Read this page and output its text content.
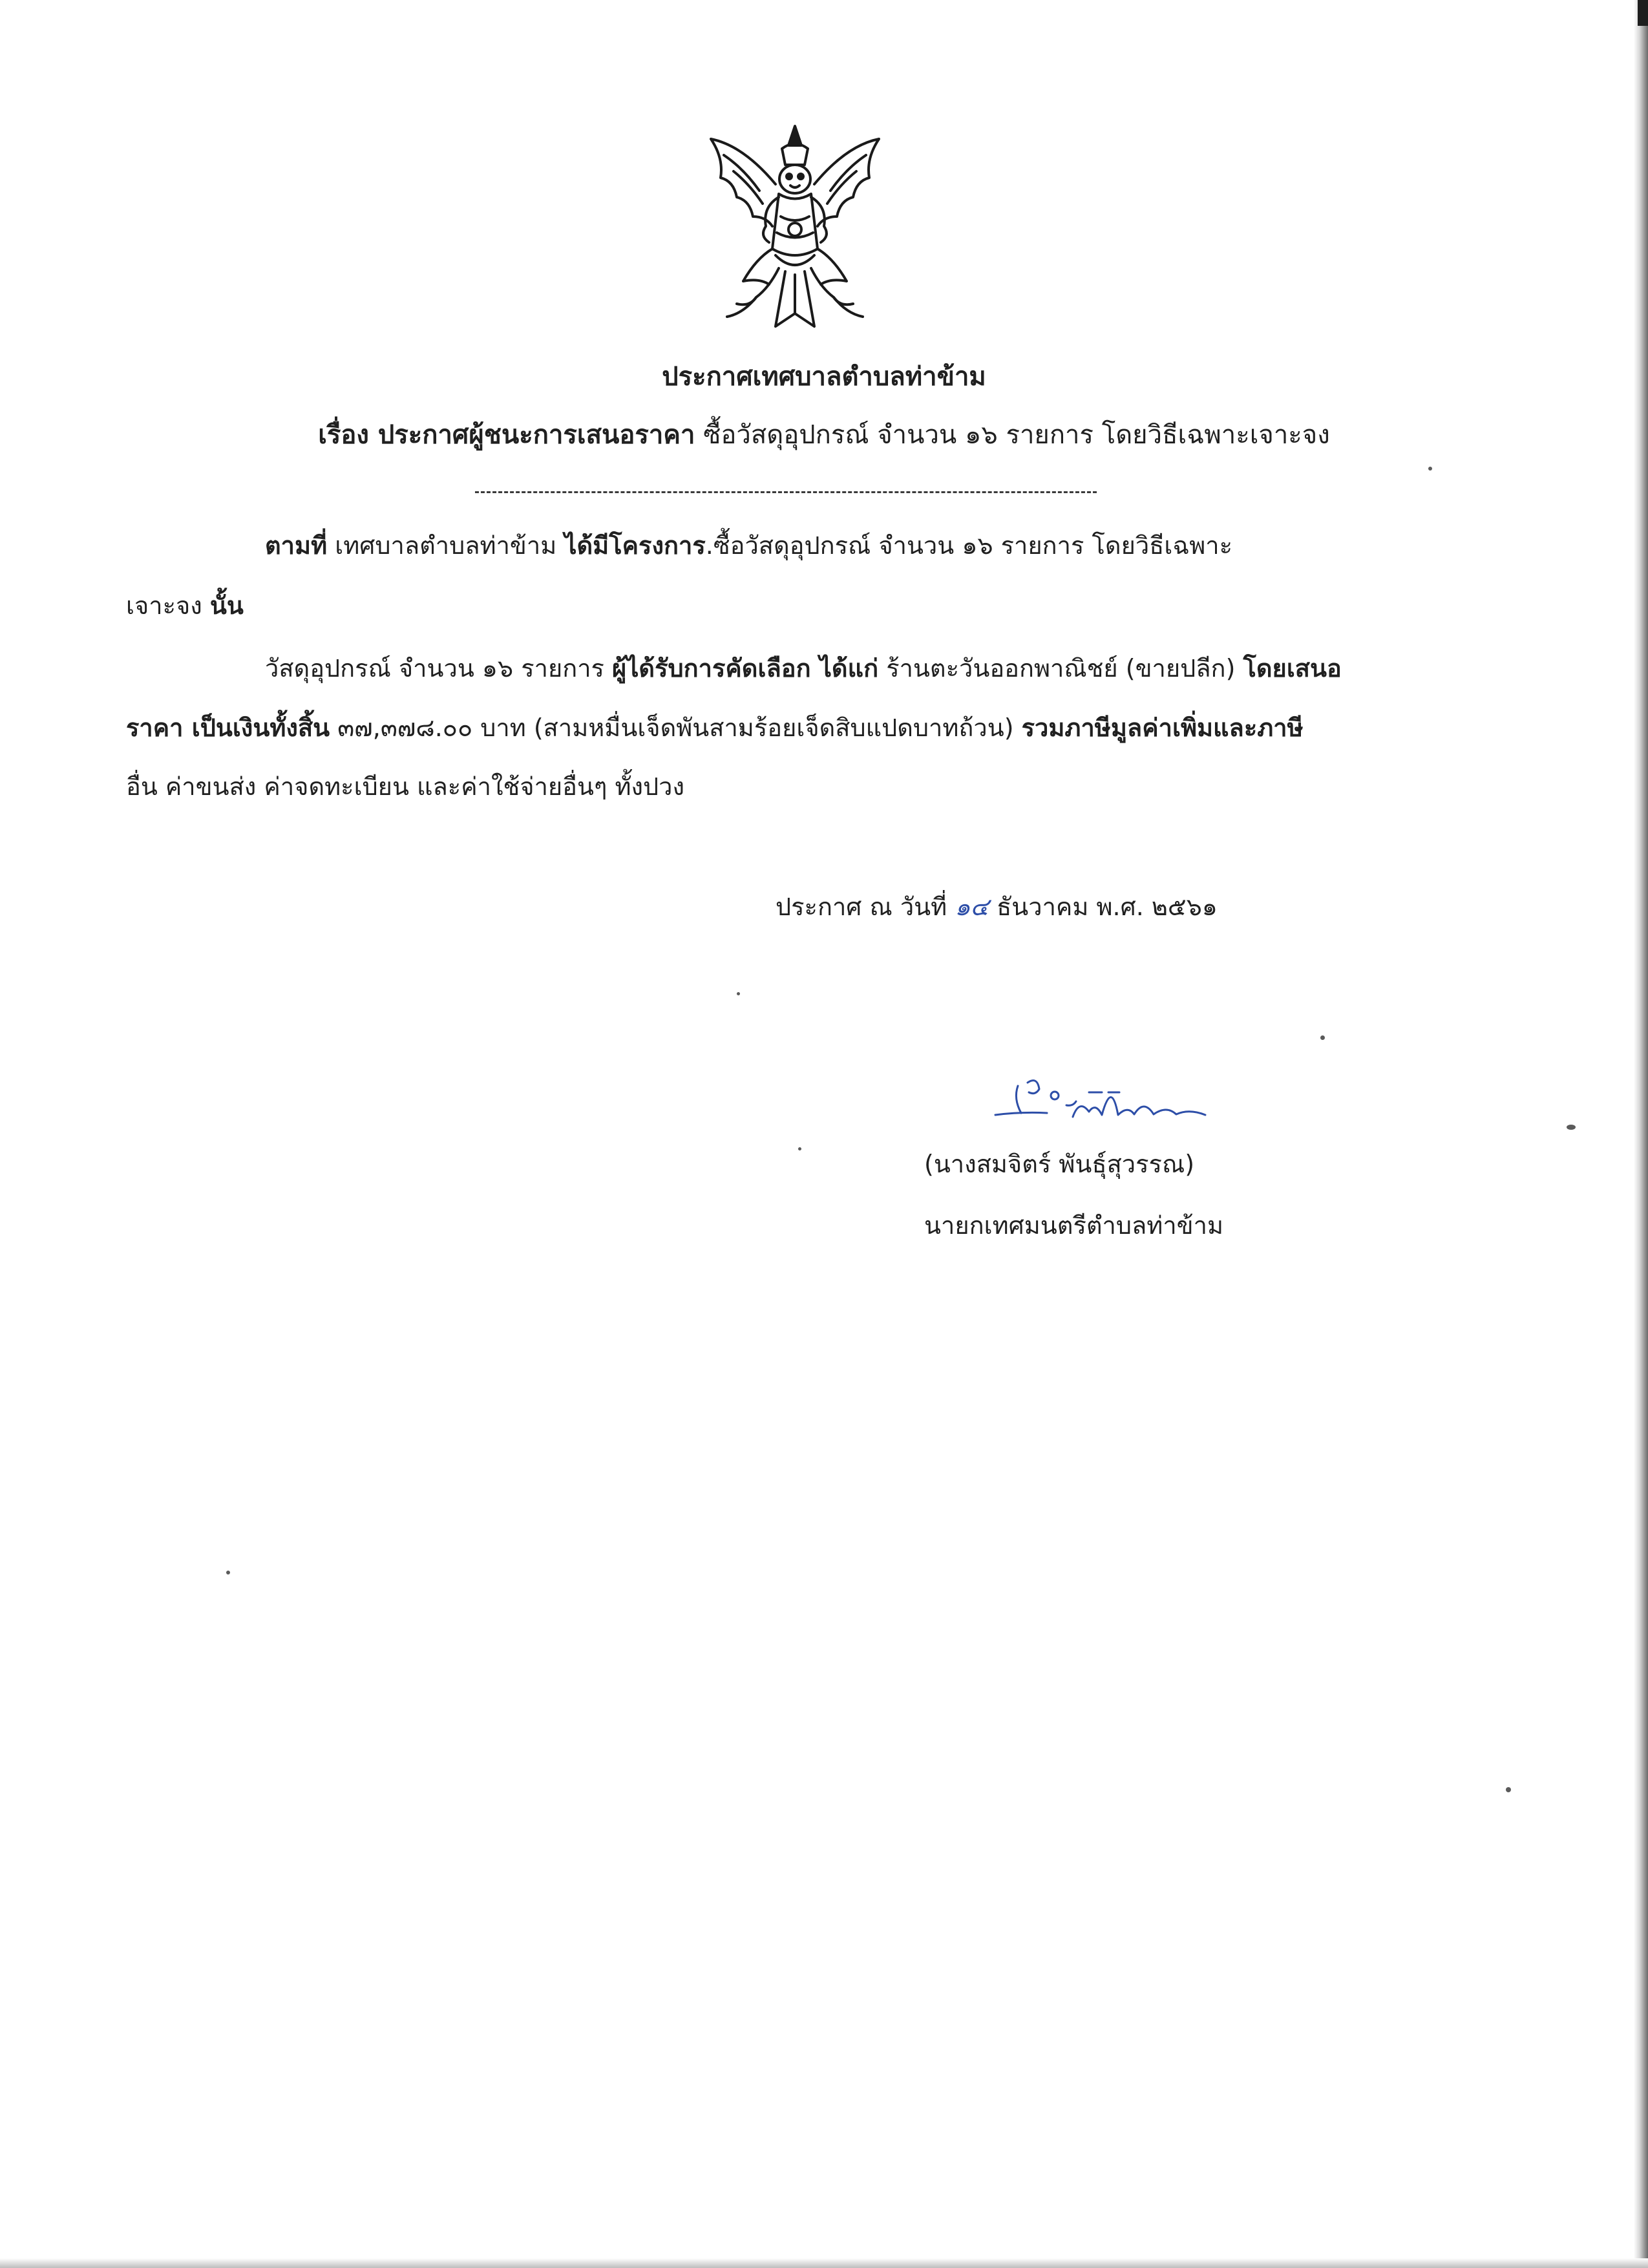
ประกาศเทศบาลตำบลท่าข้าม
เรื่อง ประกาศผู้ชนะการเสนอราคา ซื้อวัสดุอุปกรณ์ จำนวน ๑๖ รายการ โดยวิธีเฉพาะเจาะจง
ตามที่ เทศบาลตำบลท่าข้าม ได้มีโครงการ.ซื้อวัสดุอุปกรณ์ จำนวน ๑๖ รายการ โดยวิธีเฉพาะ
เจาะจง นั้น
วัสดุอุปกรณ์ จำนวน ๑๖ รายการ ผู้ได้รับการคัดเลือก ได้แก่ ร้านตะวันออกพาณิชย์ (ขายปลีก) โดยเสนอ
ราคา เป็นเงินทั้งสิ้น ๓๗,๓๗๘.๐๐ บาท (สามหมื่นเจ็ดพันสามร้อยเจ็ดสิบแปดบาทถ้วน) รวมภาษีมูลค่าเพิ่มและภาษี
อื่น ค่าขนส่ง ค่าจดทะเบียน และค่าใช้จ่ายอื่นๆ ทั้งปวง
ประกาศ ณ วันที่ ๑๔ ธันวาคม พ.ศ. ๒๕๖๑
(นางสมจิตร์ พันธุ์สุวรรณ)
นายกเทศมนตรีตำบลท่าข้าม
